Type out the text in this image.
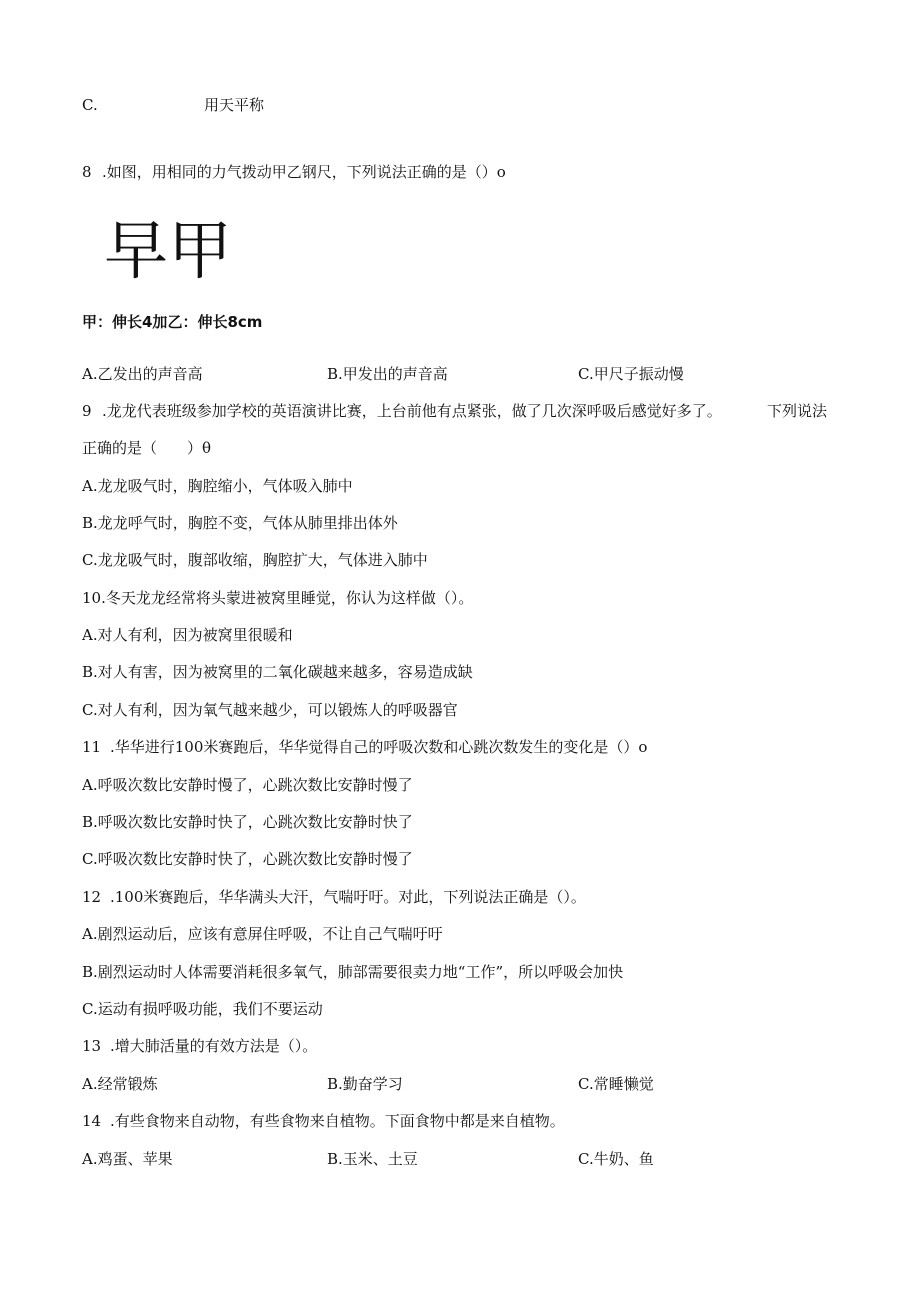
C.	用天平称
8 .如图，用相同的力气拨动甲乙钢尺，下列说法正确的是（）o
早甲
甲：伸长4加乙：伸长8cm
A.乙发出的声音高	B.甲发出的声音高	C.甲尺子振动慢
9 .龙龙代表班级参加学校的英语演讲比赛，上台前他有点紧张，做了几次深呼吸后感觉好多了。	下列说法
正确的是（　　）θ
A.龙龙吸气时，胸腔缩小，气体吸入肺中
B.龙龙呼气时，胸腔不变，气体从肺里排出体外
C.龙龙吸气时，腹部收缩，胸腔扩大，气体进入肺中
10.冬天龙龙经常将头蒙进被窝里睡觉，你认为这样做（）。
A.对人有利，因为被窝里很暖和
B.对人有害，因为被窝里的二氧化碳越来越多，容易造成缺
C.对人有利，因为氧气越来越少，可以锻炼人的呼吸器官
11 .华华进行100米赛跑后，华华觉得自己的呼吸次数和心跳次数发生的变化是（）o
A.呼吸次数比安静时慢了，心跳次数比安静时慢了
B.呼吸次数比安静时快了，心跳次数比安静时快了
C.呼吸次数比安静时快了，心跳次数比安静时慢了
12 .100米赛跑后，华华满头大汗，气喘吁吁。对此，下列说法正确是（）。
A.剧烈运动后，应该有意屏住呼吸，不让自己气喘吁吁
B.剧烈运动时人体需要消耗很多氧气，肺部需要很卖力地“工作”，所以呼吸会加快
C.运动有损呼吸功能，我们不要运动
13 .增大肺活量的有效方法是（）。
A.经常锻炼	B.勤奋学习	C.常睡懒觉
14 .有些食物来自动物，有些食物来自植物。下面食物中都是来自植物。
A.鸡蛋、苹果	B.玉米、土豆	C.牛奶、鱼
